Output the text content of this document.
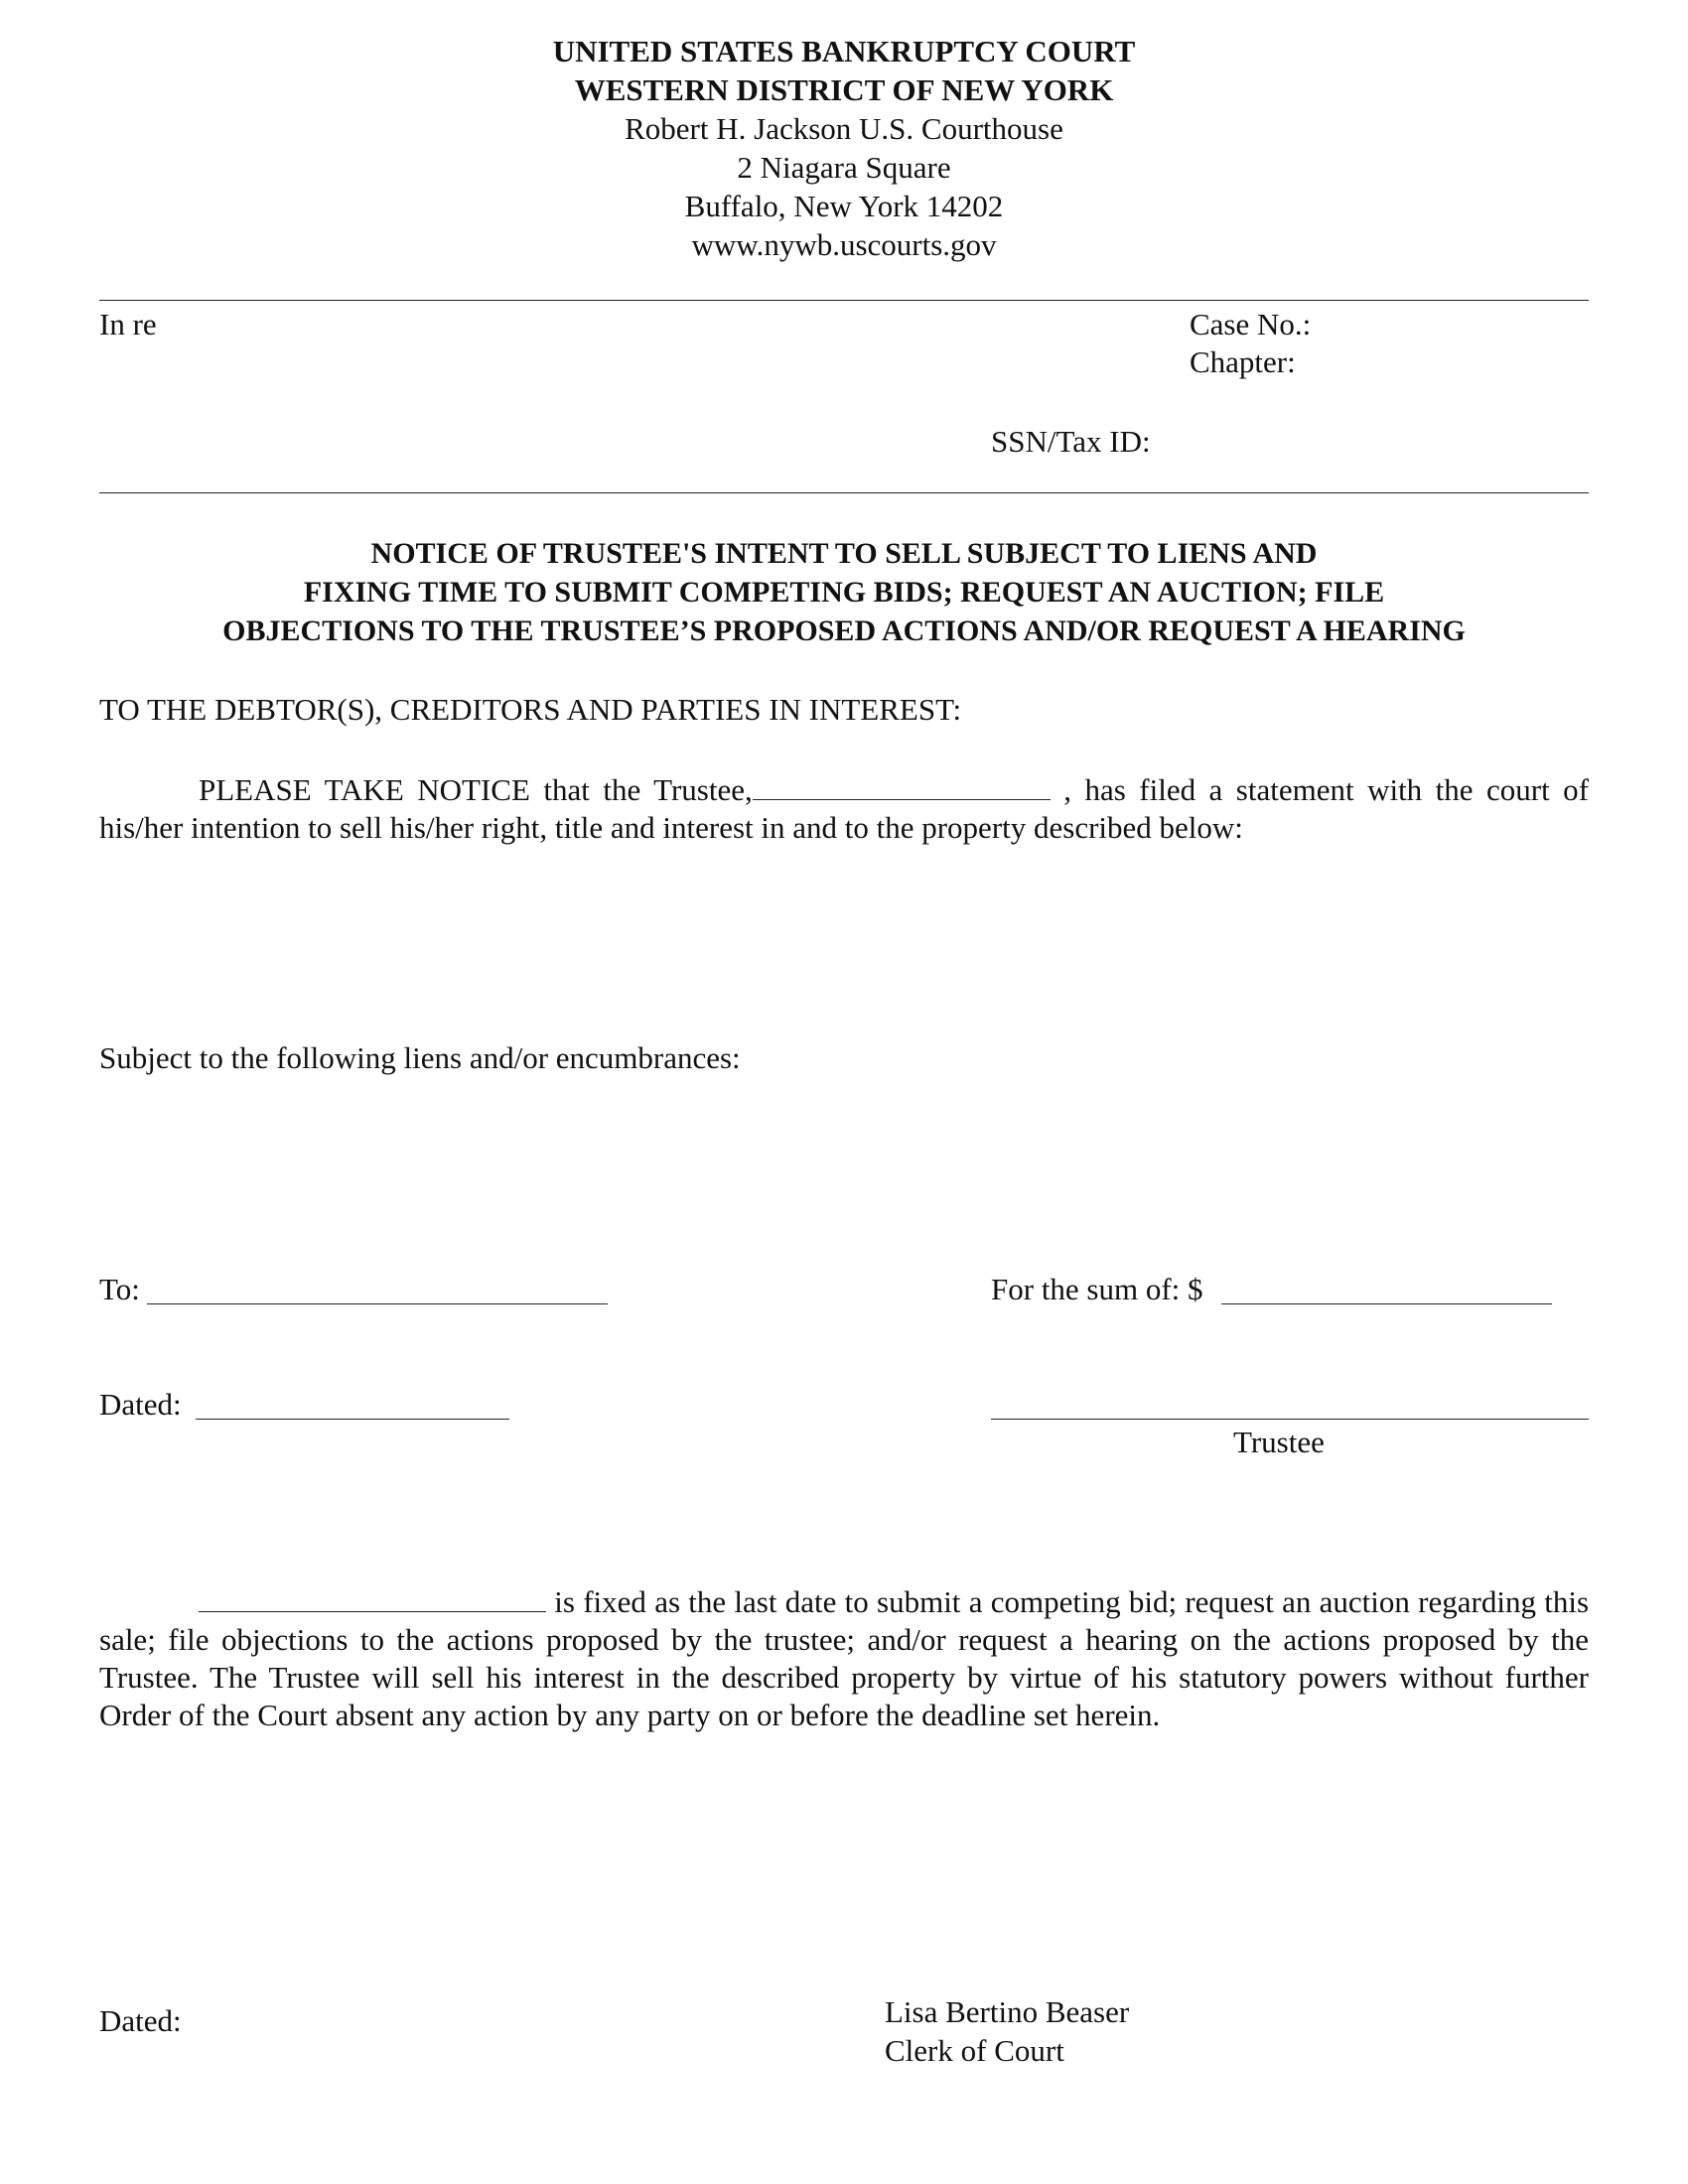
UNITED STATES BANKRUPTCY COURT
WESTERN DISTRICT OF NEW YORK
Robert H. Jackson U.S. Courthouse
2 Niagara Square
Buffalo, New York 14202
www.nywb.uscourts.gov
In re	Case No.:
Chapter:
SSN/Tax ID:
NOTICE OF TRUSTEE'S INTENT TO SELL SUBJECT TO LIENS AND
FIXING TIME TO SUBMIT COMPETING BIDS; REQUEST AN AUCTION; FILE
OBJECTIONS TO THE TRUSTEE’S PROPOSED ACTIONS AND/OR REQUEST A HEARING
TO THE DEBTOR(S), CREDITORS AND PARTIES IN INTEREST:
PLEASE TAKE NOTICE that the Trustee,	, has filed a statement with the court of his/her intention to sell his/her right, title and interest in and to the property described below:
Subject to the following liens and/or encumbrances:
To:	For the sum of: $
Dated:
Trustee
is fixed as the last date to submit a competing bid; request an auction regarding this sale; file objections to the actions proposed by the trustee; and/or request a hearing on the actions proposed by the Trustee. The Trustee will sell his interest in the described property by virtue of his statutory powers without further Order of the Court absent any action by any party on or before the deadline set herein.
Dated:	Lisa Bertino Beaser
Clerk of Court
